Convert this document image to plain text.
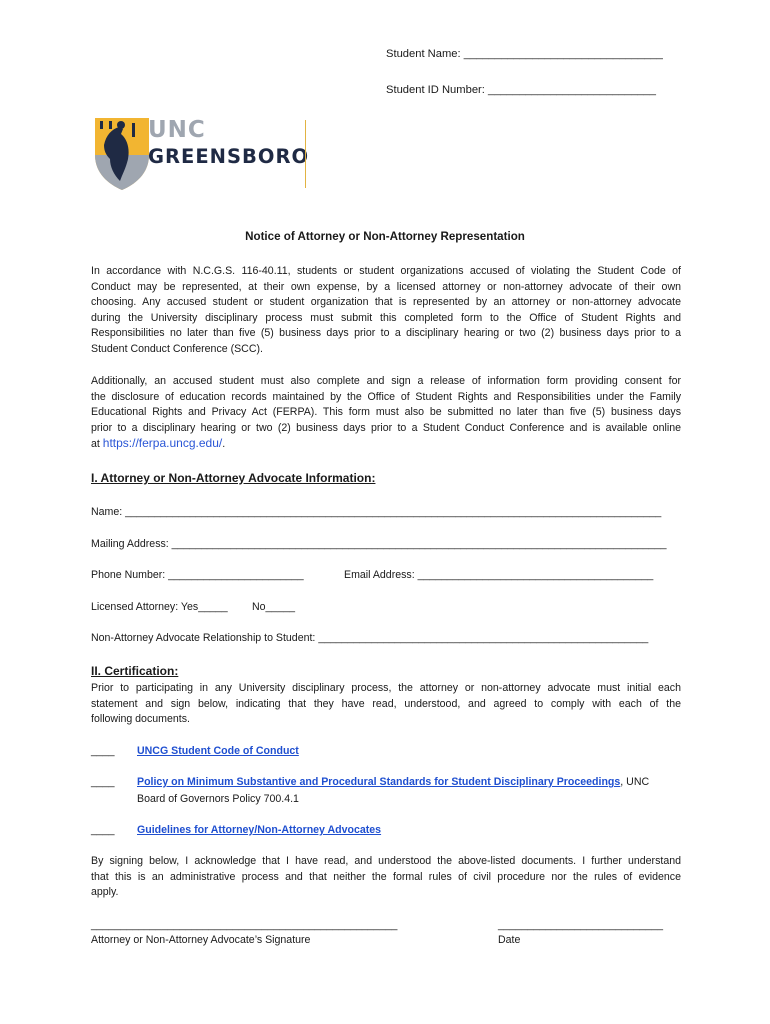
Student Name: ________________________________
Student ID Number: ___________________________
UNC
GREENSBORO
Notice of Attorney or Non-Attorney Representation
In accordance with N.C.G.S. 116-40.11, students or student organizations accused of violating the Student Code of
Conduct may be represented, at their own expense, by a licensed attorney or non-attorney advocate of their own
choosing. Any accused student or student organization that is represented by an attorney or non-attorney advocate
during the University disciplinary process must submit this completed form to the Office of Student Rights and
Responsibilities no later than five (5) business days prior to a disciplinary hearing or two (2) business days prior to a
Student Conduct Conference (SCC).
Additionally, an accused student must also complete and sign a release of information form providing consent for
the disclosure of education records maintained by the Office of Student Rights and Responsibilities under the Family
Educational Rights and Privacy Act (FERPA). This form must also be submitted no later than five (5) business days
prior to a disciplinary hearing or two (2) business days prior to a Student Conduct Conference and is available online
at https://ferpa.uncg.edu/.
I. Attorney or Non-Attorney Advocate Information:
Name: ___________________________________________________________________________________________
Mailing Address: ____________________________________________________________________________________
Phone Number: _______________________	Email Address: ________________________________________
Licensed Attorney: Yes_____ No_____
Non-Attorney Advocate Relationship to Student: ________________________________________________________
II. Certification:
Prior to participating in any University disciplinary process, the attorney or non-attorney advocate must initial each
statement and sign below, indicating that they have read, understood, and agreed to comply with each of the
following documents.
____ UNCG Student Code of Conduct
____ Policy on Minimum Substantive and Procedural Standards for Student Disciplinary Proceedings, UNC
Board of Governors Policy 700.4.1
____ Guidelines for Attorney/Non-Attorney Advocates
By signing below, I acknowledge that I have read, and understood the above-listed documents. I further understand
that this is an administrative process and that neither the formal rules of civil procedure nor the rules of evidence
apply.
____________________________________________________
Attorney or Non-Attorney Advocate’s Signature
____________________________
Date
